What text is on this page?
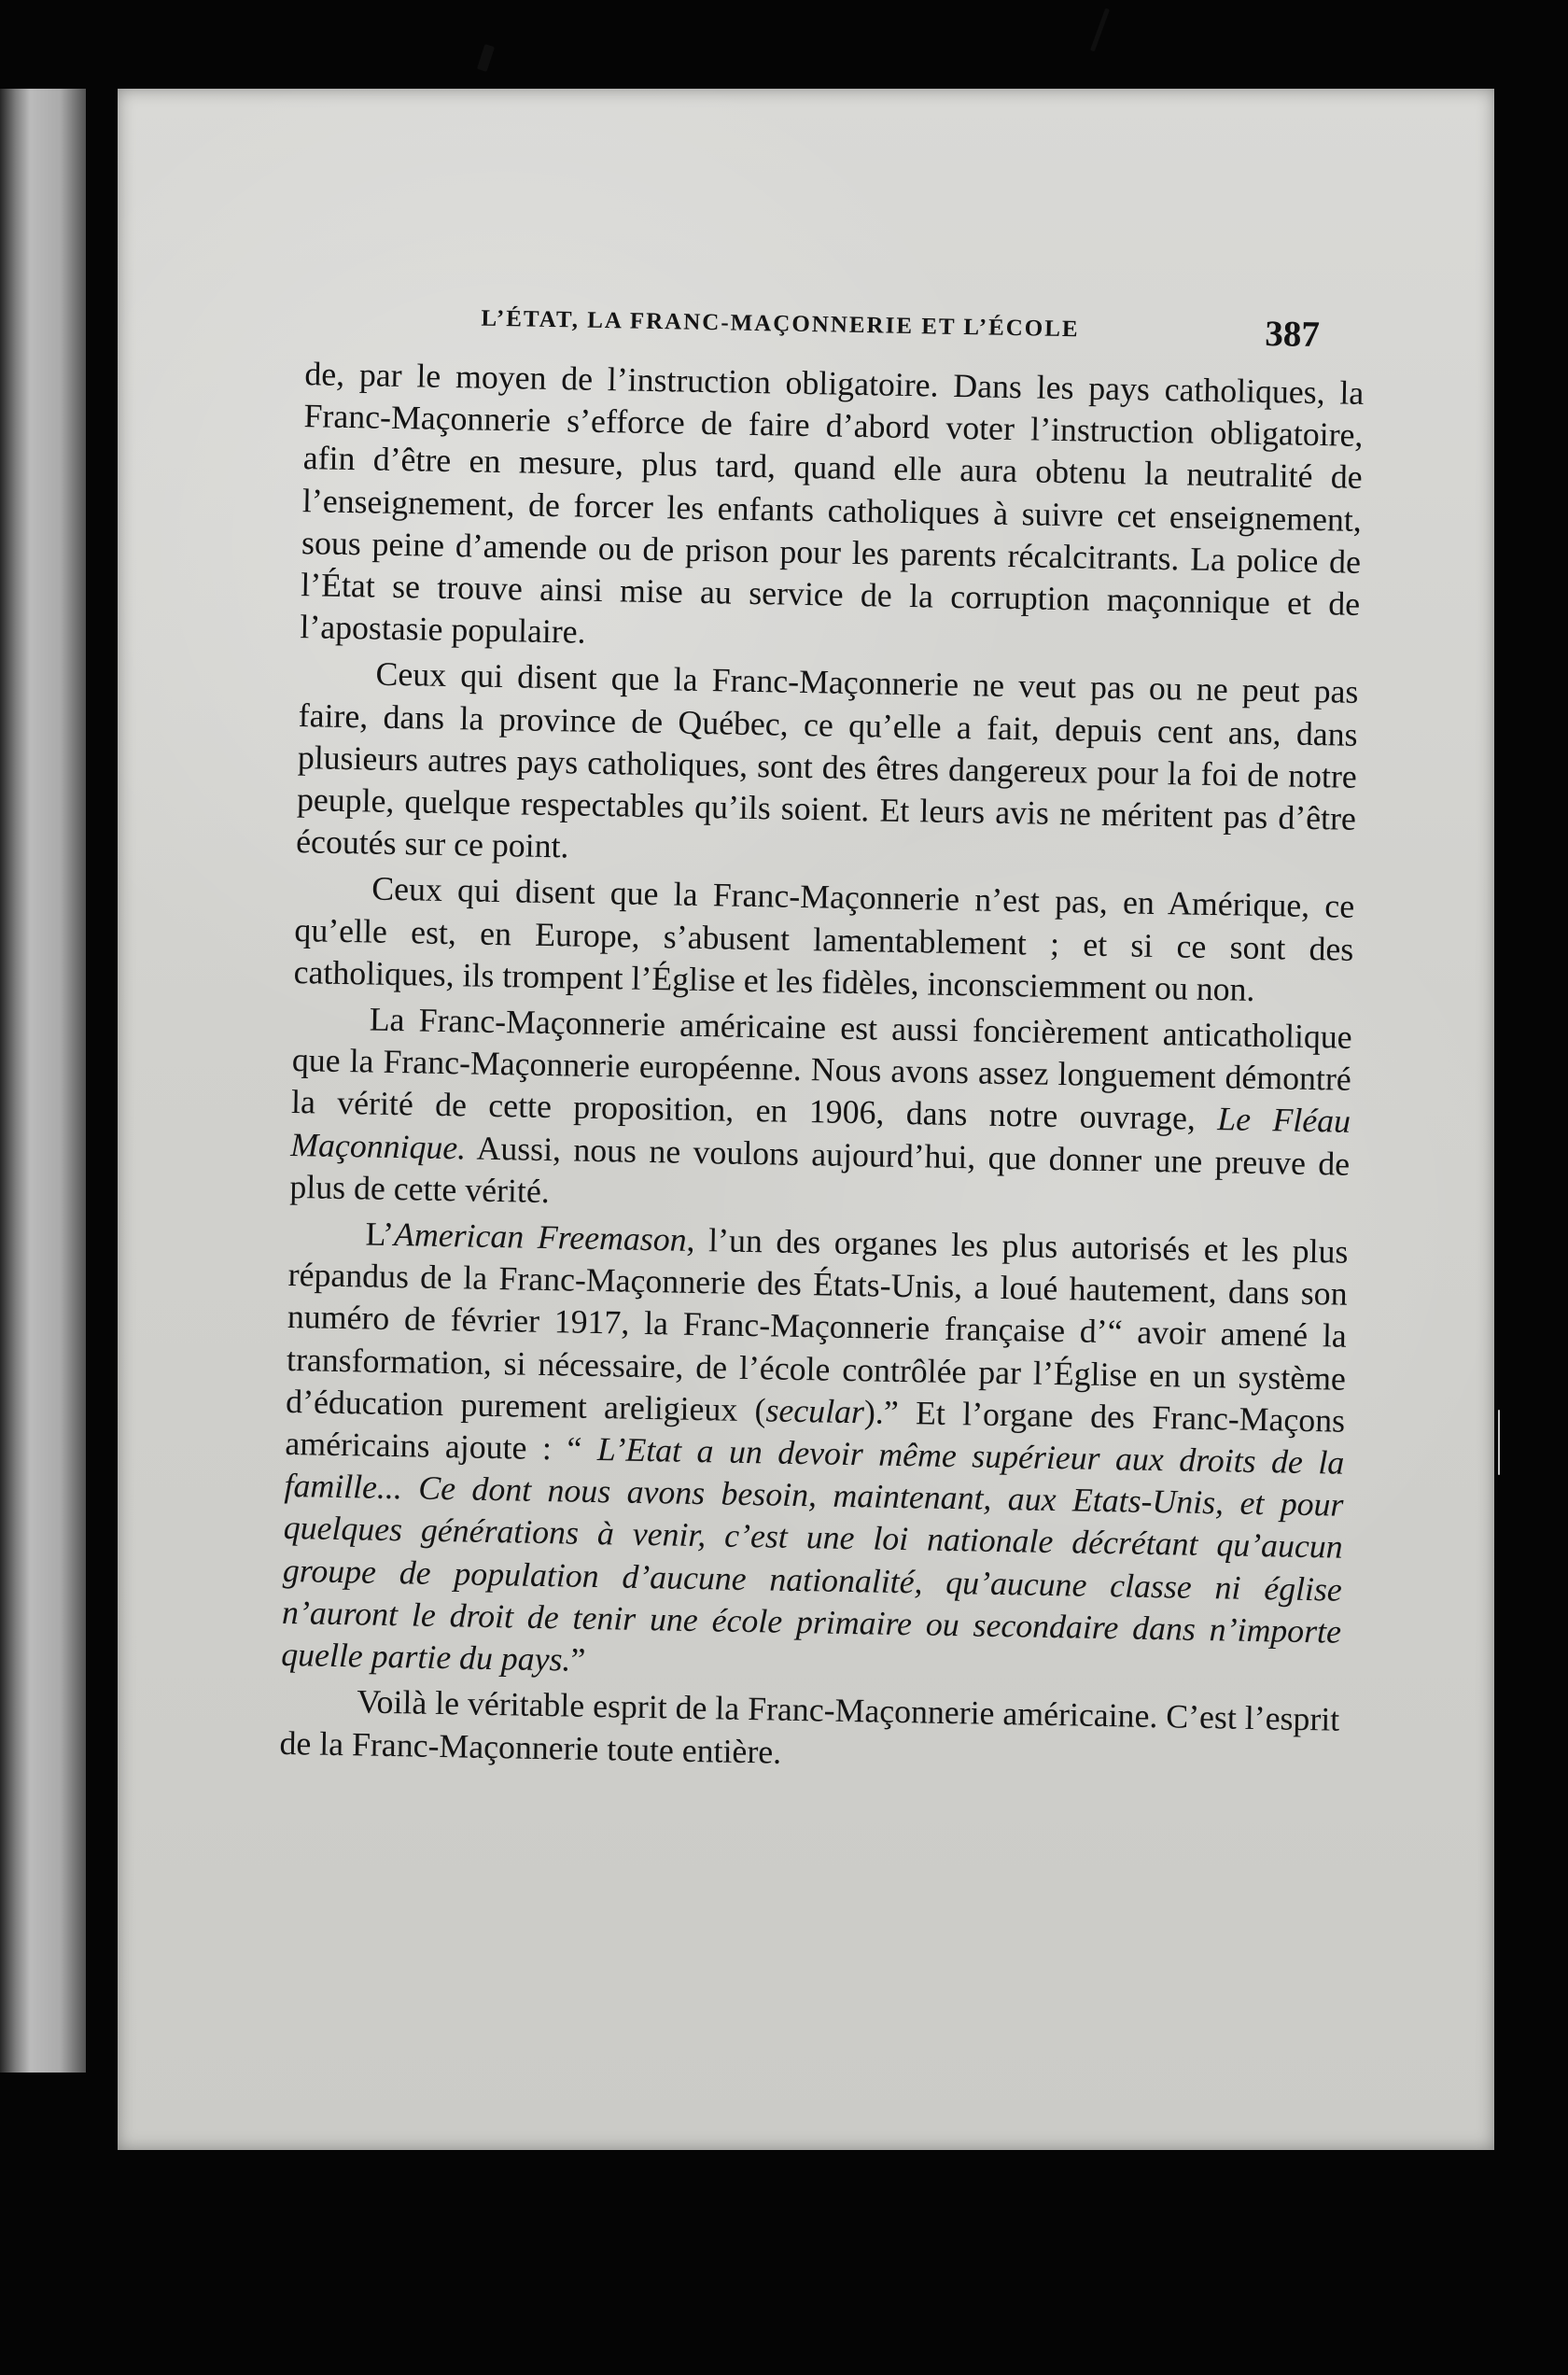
L’ÉTAT, LA FRANC-MAÇONNERIE ET L’ÉCOLE	387

de, par le moyen de l’instruction obligatoire. Dans les pays catholiques, la Franc-Maçonnerie s’efforce de faire d’abord voter l’instruction obligatoire, afin d’être en mesure, plus tard, quand elle aura obtenu la neutralité de l’enseignement, de forcer les enfants catholiques à suivre cet enseignement, sous peine d’amende ou de prison pour les parents récalcitrants. La police de l’État se trouve ainsi mise au service de la corruption maçonnique et de l’apostasie populaire.

Ceux qui disent que la Franc-Maçonnerie ne veut pas ou ne peut pas faire, dans la province de Québec, ce qu’elle a fait, depuis cent ans, dans plusieurs autres pays catholiques, sont des êtres dangereux pour la foi de notre peuple, quelque respectables qu’ils soient. Et leurs avis ne méritent pas d’être écoutés sur ce point.

Ceux qui disent que la Franc-Maçonnerie n’est pas, en Amérique, ce qu’elle est, en Europe, s’abusent lamentablement ; et si ce sont des catholiques, ils trompent l’Église et les fidèles, inconsciemment ou non.

La Franc-Maçonnerie américaine est aussi foncièrement anticatholique que la Franc-Maçonnerie européenne. Nous avons assez longuement démontré la vérité de cette proposition, en 1906, dans notre ouvrage, Le Fléau Maçonnique. Aussi, nous ne voulons aujourd’hui, que donner une preuve de plus de cette vérité.

L’American Freemason, l’un des organes les plus autorisés et les plus répandus de la Franc-Maçonnerie des États-Unis, a loué hautement, dans son numéro de février 1917, la Franc-Maçonnerie française d’“ avoir amené la transformation, si nécessaire, de l’école contrôlée par l’Église en un système d’éducation purement areligieux (secular).” Et l’organe des Franc-Maçons américains ajoute : “ L’Etat a un devoir même supérieur aux droits de la famille... Ce dont nous avons besoin, maintenant, aux Etats-Unis, et pour quelques générations à venir, c’est une loi nationale décrétant qu’aucun groupe de population d’aucune nationalité, qu’aucune classe ni église n’auront le droit de tenir une école primaire ou secondaire dans n’importe quelle partie du pays.”

Voilà le véritable esprit de la Franc-Maçonnerie américaine. C’est l’esprit de la Franc-Maçonnerie toute entière.
